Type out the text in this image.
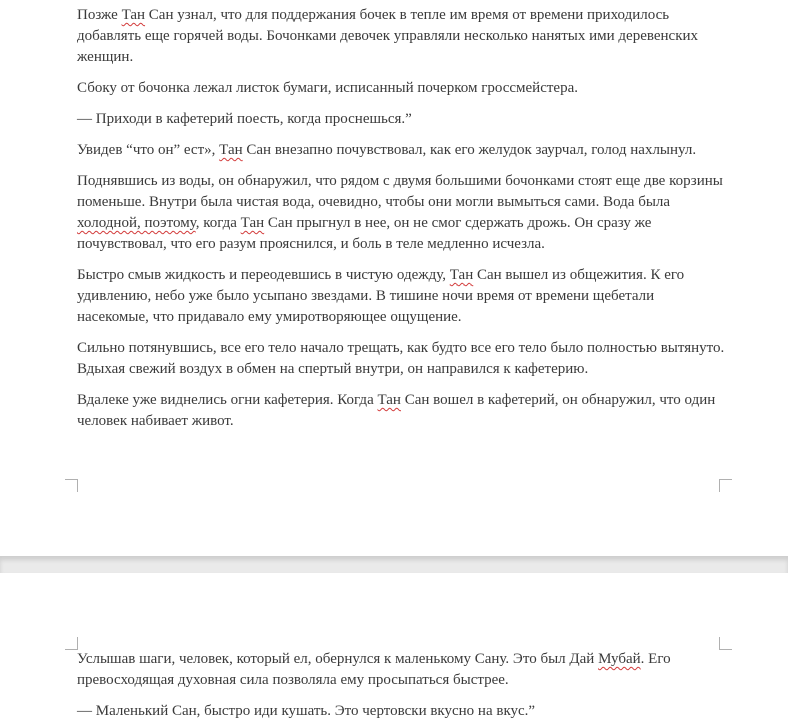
Позже Тан Сан узнал, что для поддержания бочек в тепле им время от времени приходилось добавлять еще горячей воды. Бочонками девочек управляли несколько нанятых ими деревенских женщин.

Сбоку от бочонка лежал листок бумаги, исписанный почерком гроссмейстера.

— Приходи в кафетерий поесть, когда проснешься.”

Увидев “что он” ест», Тан Сан внезапно почувствовал, как его желудок заурчал, голод нахлынул.

Поднявшись из воды, он обнаружил, что рядом с двумя большими бочонками стоят еще две корзины поменьше. Внутри была чистая вода, очевидно, чтобы они могли вымыться сами. Вода была холодной, поэтому, когда Тан Сан прыгнул в нее, он не смог сдержать дрожь. Он сразу же почувствовал, что его разум прояснился, и боль в теле медленно исчезла.

Быстро смыв жидкость и переодевшись в чистую одежду, Тан Сан вышел из общежития. К его удивлению, небо уже было усыпано звездами. В тишине ночи время от времени щебетали насекомые, что придавало ему умиротворяющее ощущение.

Сильно потянувшись, все его тело начало трещать, как будто все его тело было полностью вытянуто. Вдыхая свежий воздух в обмен на спертый внутри, он направился к кафетерию.

Вдалеке уже виднелись огни кафетерия. Когда Тан Сан вошел в кафетерий, он обнаружил, что один человек набивает живот.

Услышав шаги, человек, который ел, обернулся к маленькому Сану. Это был Дай Мубай. Его превосходящая духовная сила позволяла ему просыпаться быстрее.

— Маленький Сан, быстро иди кушать. Это чертовски вкусно на вкус.”
